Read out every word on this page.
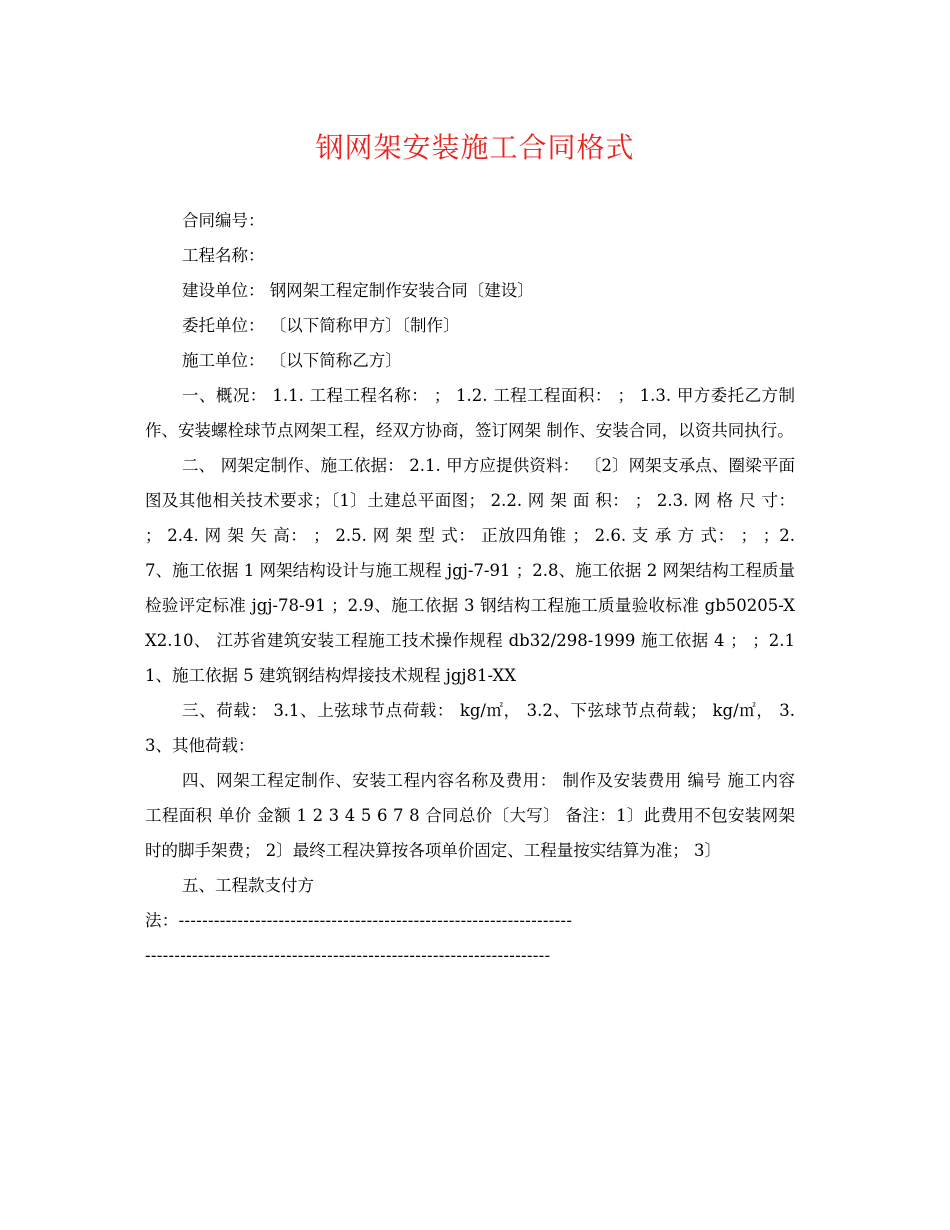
钢网架安装施工合同格式

合同编号：

工程名称：

建设单位： 钢网架工程定制作安装合同〔建设〕

委托单位： 〔以下简称甲方〕〔制作〕

施工单位： 〔以下简称乙方〕

一、概况： 1.1. 工程工程名称： ； 1.2. 工程工程面积： ； 1.3. 甲方委托乙方制作、安装螺栓球节点网架工程，经双方协商，签订网架 制作、安装合同，以资共同执行。

二、 网架定制作、施工依据： 2.1. 甲方应提供资料： 〔2〕网架支承点、圈梁平面图及其他相关技术要求；〔1〕土建总平面图； 2.2. 网 架 面 积： ； 2.3. 网 格 尺 寸： ； 2.4. 网 架 矢 高： ； 2.5. 网 架 型 式： 正放四角锥 ； 2.6. 支 承 方 式： ； ；2.7、施工依据 1 网架结构设计与施工规程 jgj-7-91 ；2.8、施工依据 2 网架结构工程质量检验评定标准 jgj-78-91 ；2.9、施工依据 3 钢结构工程施工质量验收标准 gb50205-XX2.10、 江苏省建筑安装工程施工技术操作规程 db32/298-1999 施工依据 4 ； ；2.11、施工依据 5 建筑钢结构焊接技术规程 jgj81-XX

三、荷载： 3.1、上弦球节点荷载： kg/㎡， 3.2、下弦球节点荷载； kg/㎡， 3.3、其他荷载：

四、网架工程定制作、安装工程内容名称及费用： 制作及安装费用 编号 施工内容 工程面积 单价 金额 1 2 3 4 5 6 7 8 合同总价〔大写〕 备注：1〕此费用不包安装网架时的脚手架费； 2〕最终工程决算按各项单价固定、工程量按实结算为准； 3〕

五、工程款支付方

法：-------------------------------------------------------------------

---------------------------------------------------------------------
